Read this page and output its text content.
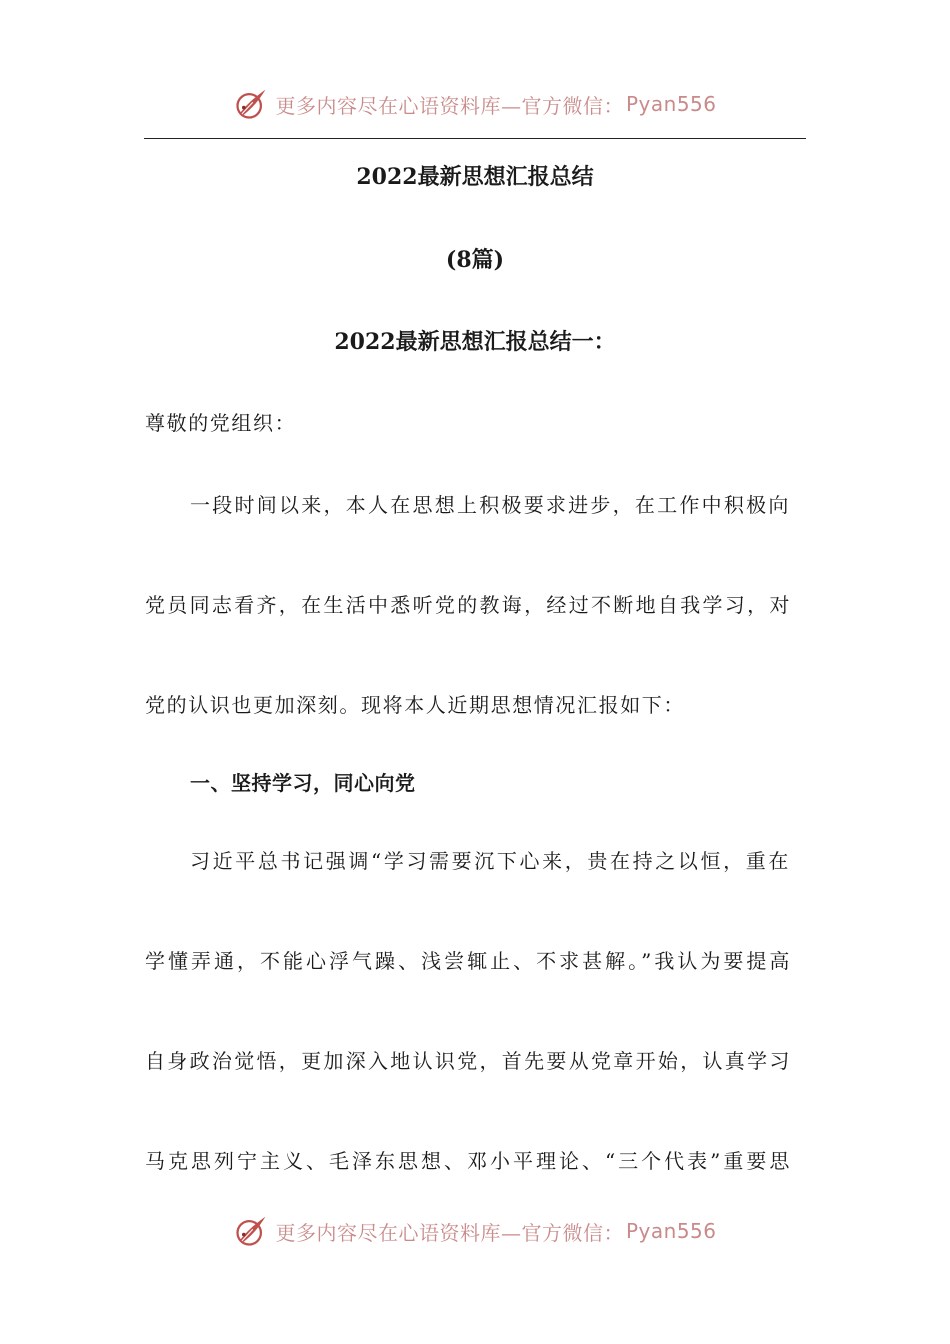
更多内容尽在心语资料库—官方微信： Pyan556
2022最新思想汇报总结
(8篇)
2022最新思想汇报总结一：
尊敬的党组织：
一段时间以来，本人在思想上积极要求进步，在工作中积极向
党员同志看齐，在生活中悉听党的教诲，经过不断地自我学习，对
党的认识也更加深刻。现将本人近期思想情况汇报如下：
一、坚持学习，同心向党
习近平总书记强调“学习需要沉下心来，贵在持之以恒，重在
学懂弄通，不能心浮气躁、浅尝辄止、不求甚解。”我认为要提高
自身政治觉悟，更加深入地认识党，首先要从党章开始，认真学习
马克思列宁主义、毛泽东思想、邓小平理论、“三个代表”重要思
更多内容尽在心语资料库—官方微信： Pyan556
